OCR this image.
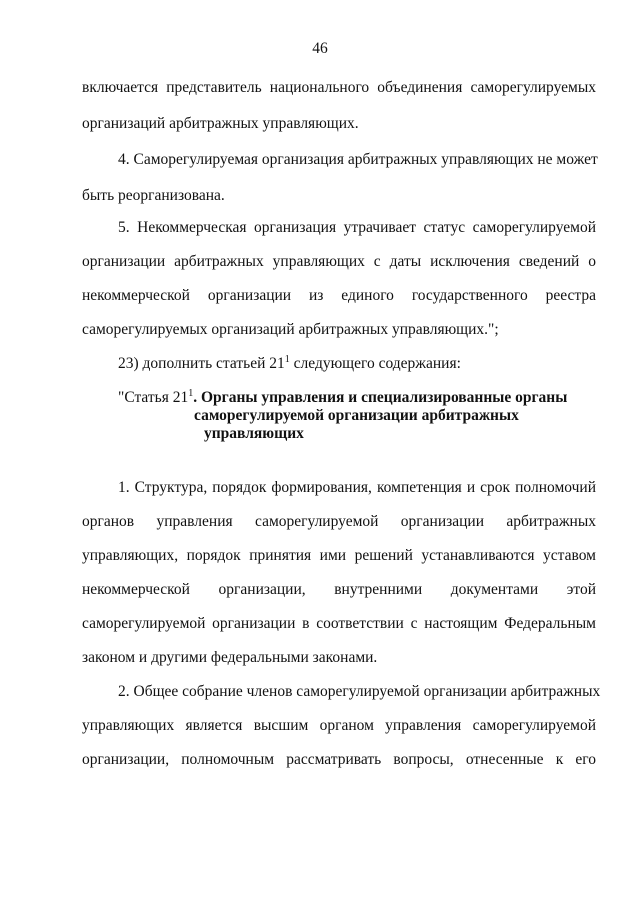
46
включается представитель национального объединения саморегулируемых
организаций арбитражных управляющих.
4. Саморегулируемая организация арбитражных управляющих не может
быть реорганизована.
5. Некоммерческая организация утрачивает статус саморегулируемой
организации арбитражных управляющих с даты исключения сведений о
некоммерческой организации из единого государственного реестра
саморегулируемых организаций арбитражных управляющих.";
23) дополнить статьей $21^1$ следующего содержания:
"Статья $21^1$. Органы управления и специализированные органы
саморегулируемой организации арбитражных
управляющих
1. Структура, порядок формирования, компетенция и срок полномочий
органов управления саморегулируемой организации арбитражных
управляющих, порядок принятия ими решений устанавливаются уставом
некоммерческой организации, внутренними документами этой
саморегулируемой организации в соответствии с настоящим Федеральным
законом и другими федеральными законами.
2. Общее собрание членов саморегулируемой организации арбитражных
управляющих является высшим органом управления саморегулируемой
организации, полномочным рассматривать вопросы, отнесенные к его
